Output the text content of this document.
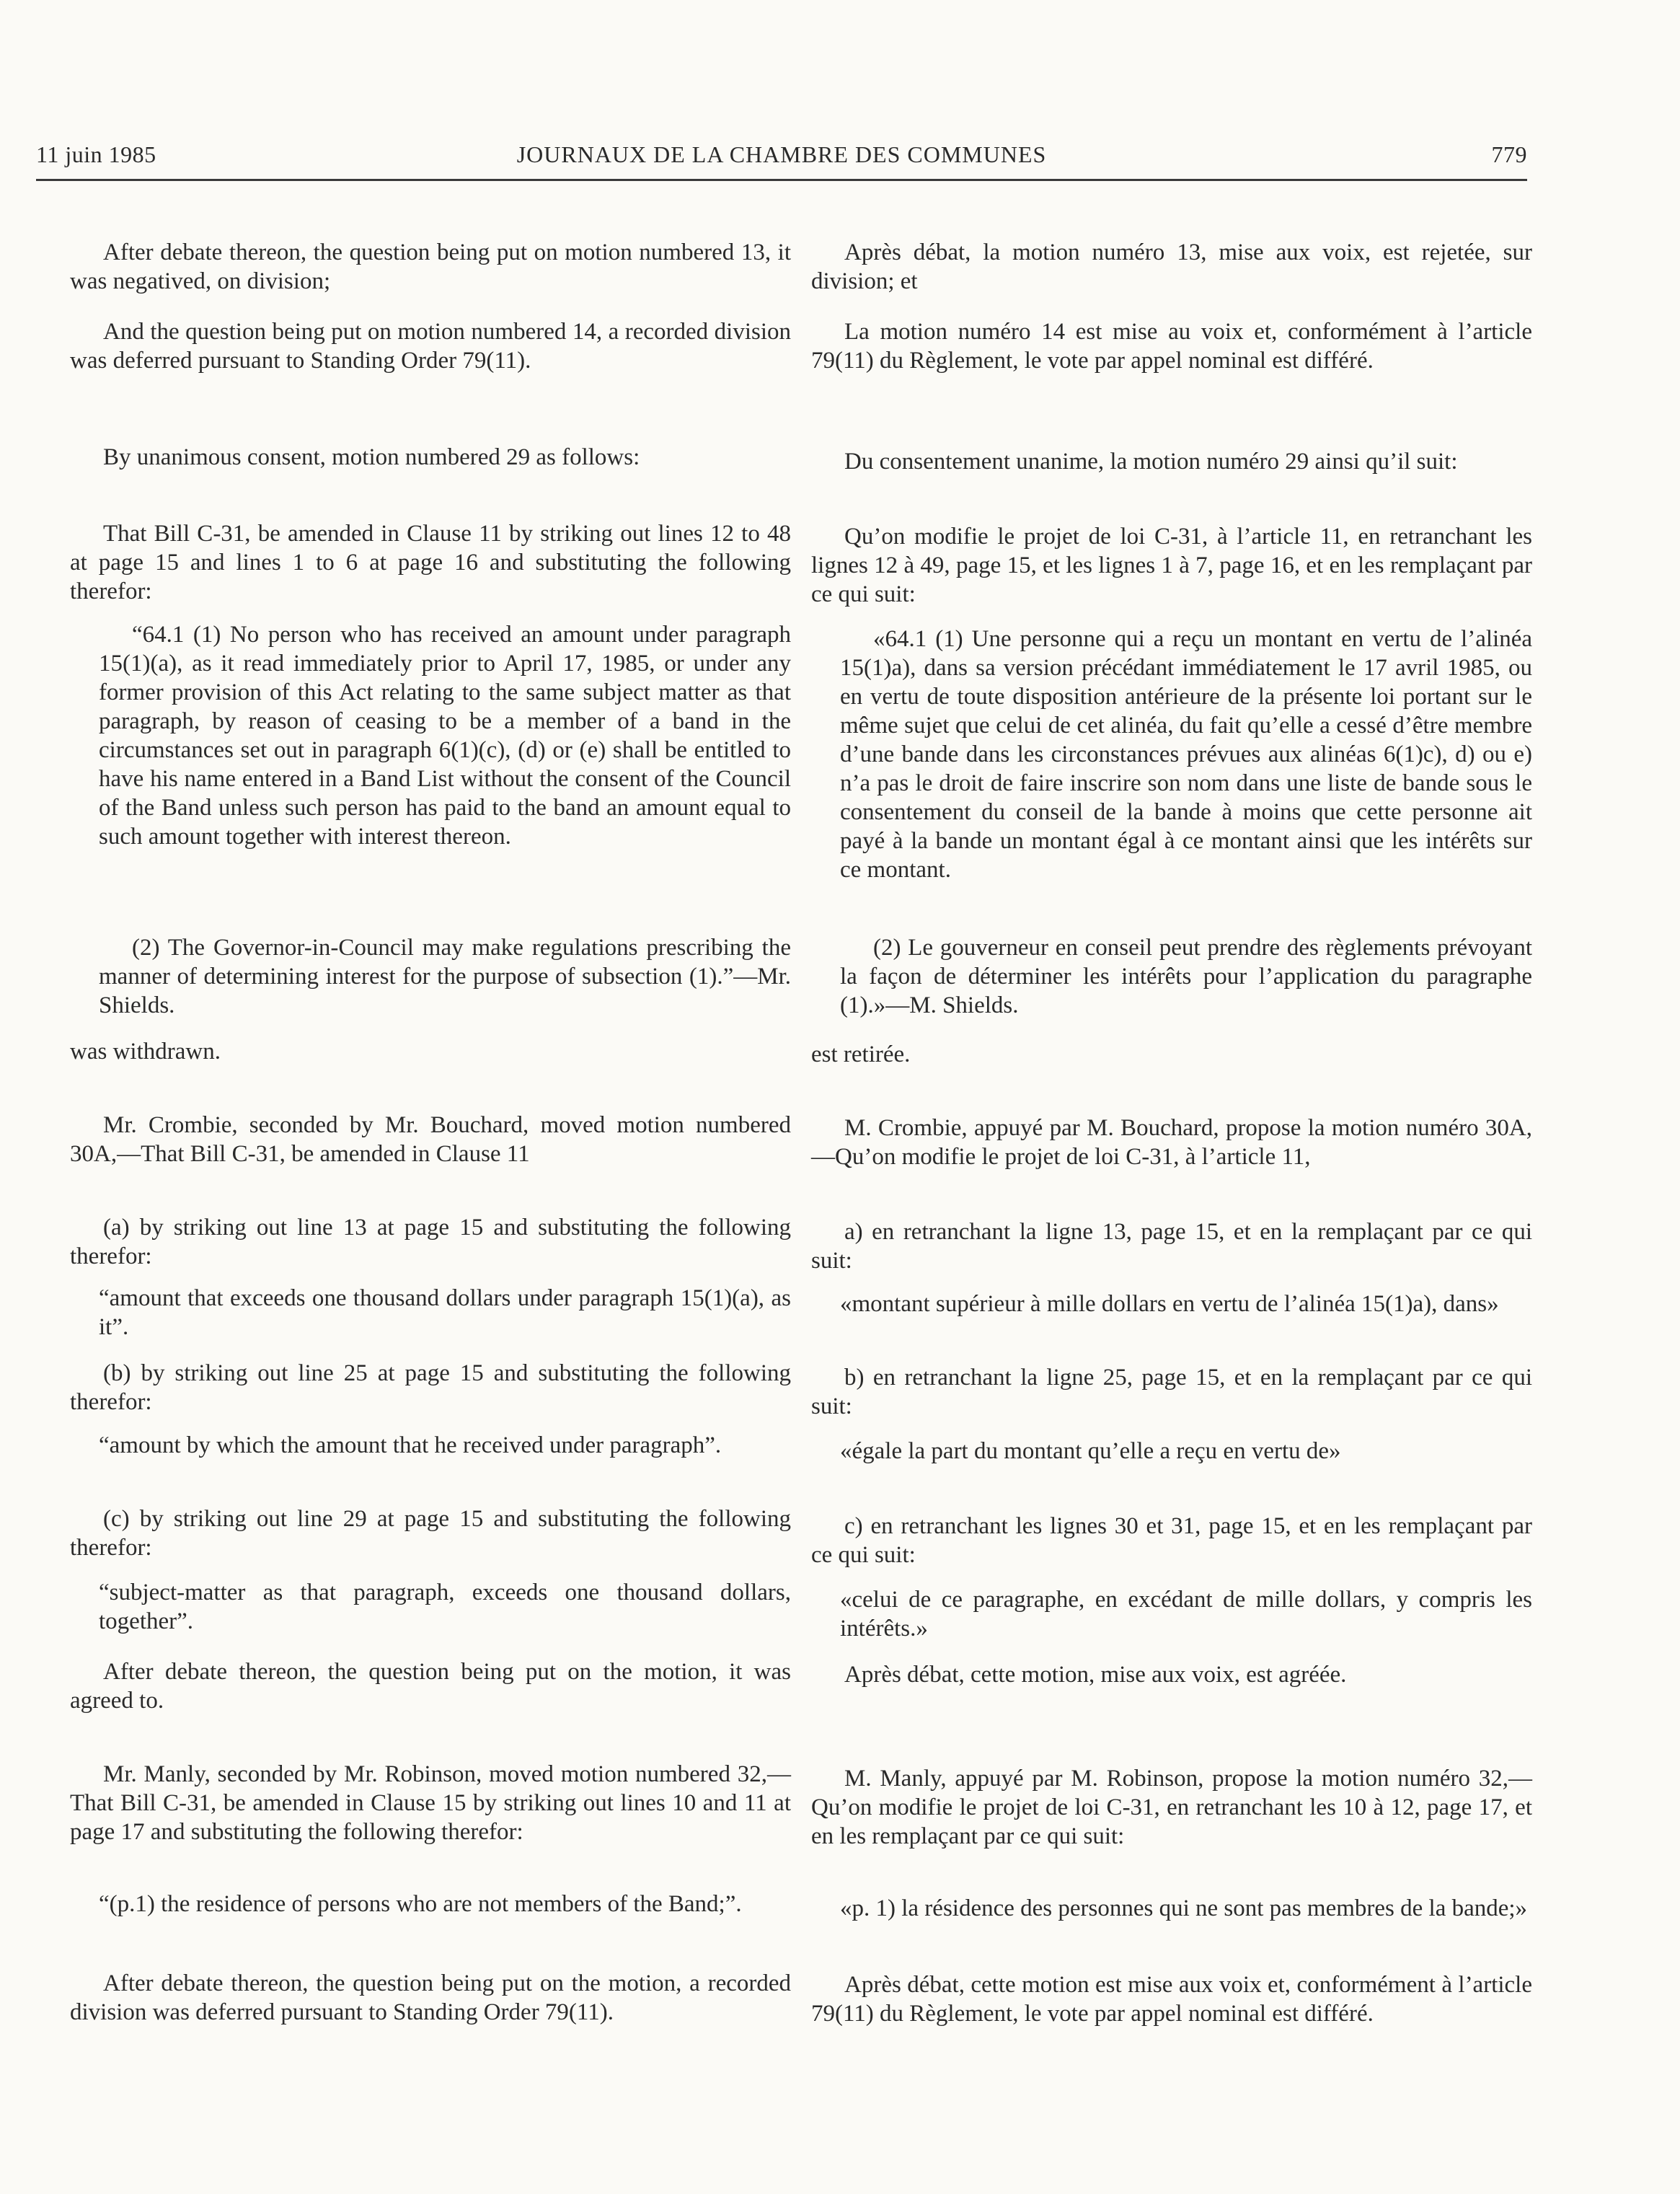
11 juin 1985	JOURNAUX DE LA CHAMBRE DES COMMUNES	779

After debate thereon, the question being put on motion numbered 13, it was negatived, on division;

And the question being put on motion numbered 14, a recorded division was deferred pursuant to Standing Order 79(11).

By unanimous consent, motion numbered 29 as follows:

That Bill C-31, be amended in Clause 11 by striking out lines 12 to 48 at page 15 and lines 1 to 6 at page 16 and substituting the following therefor:

“64.1 (1) No person who has received an amount under paragraph 15(1)(a), as it read immediately prior to April 17, 1985, or under any former provision of this Act relating to the same subject matter as that paragraph, by reason of ceasing to be a member of a band in the circumstances set out in paragraph 6(1)(c), (d) or (e) shall be entitled to have his name entered in a Band List without the consent of the Council of the Band unless such person has paid to the band an amount equal to such amount together with interest thereon.

(2) The Governor-in-Council may make regulations prescribing the manner of determining interest for the purpose of subsection (1).”—Mr. Shields.

was withdrawn.

Mr. Crombie, seconded by Mr. Bouchard, moved motion numbered 30A,—That Bill C-31, be amended in Clause 11

(a) by striking out line 13 at page 15 and substituting the following therefor:

“amount that exceeds one thousand dollars under paragraph 15(1)(a), as it”.

(b) by striking out line 25 at page 15 and substituting the following therefor:

“amount by which the amount that he received under paragraph”.

(c) by striking out line 29 at page 15 and substituting the following therefor:

“subject-matter as that paragraph, exceeds one thousand dollars, together”.

After debate thereon, the question being put on the motion, it was agreed to.

Mr. Manly, seconded by Mr. Robinson, moved motion numbered 32,—That Bill C-31, be amended in Clause 15 by striking out lines 10 and 11 at page 17 and substituting the following therefor:

“(p.1) the residence of persons who are not members of the Band;”.

After debate thereon, the question being put on the motion, a recorded division was deferred pursuant to Standing Order 79(11).

Après débat, la motion numéro 13, mise aux voix, est rejetée, sur division; et

La motion numéro 14 est mise au voix et, conformément à l’article 79(11) du Règlement, le vote par appel nominal est différé.

Du consentement unanime, la motion numéro 29 ainsi qu’il suit:

Qu’on modifie le projet de loi C-31, à l’article 11, en retranchant les lignes 12 à 49, page 15, et les lignes 1 à 7, page 16, et en les remplaçant par ce qui suit:

«64.1 (1) Une personne qui a reçu un montant en vertu de l’alinéa 15(1)a), dans sa version précédant immédiatement le 17 avril 1985, ou en vertu de toute disposition antérieure de la présente loi portant sur le même sujet que celui de cet alinéa, du fait qu’elle a cessé d’être membre d’une bande dans les circonstances prévues aux alinéas 6(1)c), d) ou e) n’a pas le droit de faire inscrire son nom dans une liste de bande sous le consentement du conseil de la bande à moins que cette personne ait payé à la bande un montant égal à ce montant ainsi que les intérêts sur ce montant.

(2) Le gouverneur en conseil peut prendre des règlements prévoyant la façon de déterminer les intérêts pour l’application du paragraphe (1).»—M. Shields.

est retirée.

M. Crombie, appuyé par M. Bouchard, propose la motion numéro 30A,—Qu’on modifie le projet de loi C-31, à l’article 11,

a) en retranchant la ligne 13, page 15, et en la remplaçant par ce qui suit:

«montant supérieur à mille dollars en vertu de l’alinéa 15(1)a), dans»

b) en retranchant la ligne 25, page 15, et en la remplaçant par ce qui suit:

«égale la part du montant qu’elle a reçu en vertu de»

c) en retranchant les lignes 30 et 31, page 15, et en les remplaçant par ce qui suit:

«celui de ce paragraphe, en excédant de mille dollars, y compris les intérêts.»

Après débat, cette motion, mise aux voix, est agréée.

M. Manly, appuyé par M. Robinson, propose la motion numéro 32,—Qu’on modifie le projet de loi C-31, en retranchant les 10 à 12, page 17, et en les remplaçant par ce qui suit:

«p. 1) la résidence des personnes qui ne sont pas membres de la bande;»

Après débat, cette motion est mise aux voix et, conformément à l’article 79(11) du Règlement, le vote par appel nominal est différé.
